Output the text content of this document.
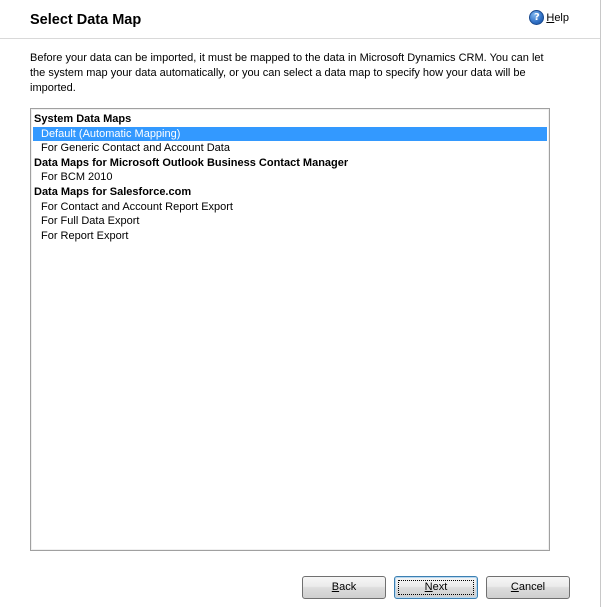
Select Data Map	? Help
Before your data can be imported, it must be mapped to the data in Microsoft Dynamics CRM. You can let the system map your data automatically, or you can select a data map to specify how your data will be imported.
System Data Maps
Default (Automatic Mapping)
For Generic Contact and Account Data
Data Maps for Microsoft Outlook Business Contact Manager
For BCM 2010
Data Maps for Salesforce.com
For Contact and Account Report Export
For Full Data Export
For Report Export
Back	Next	Cancel
